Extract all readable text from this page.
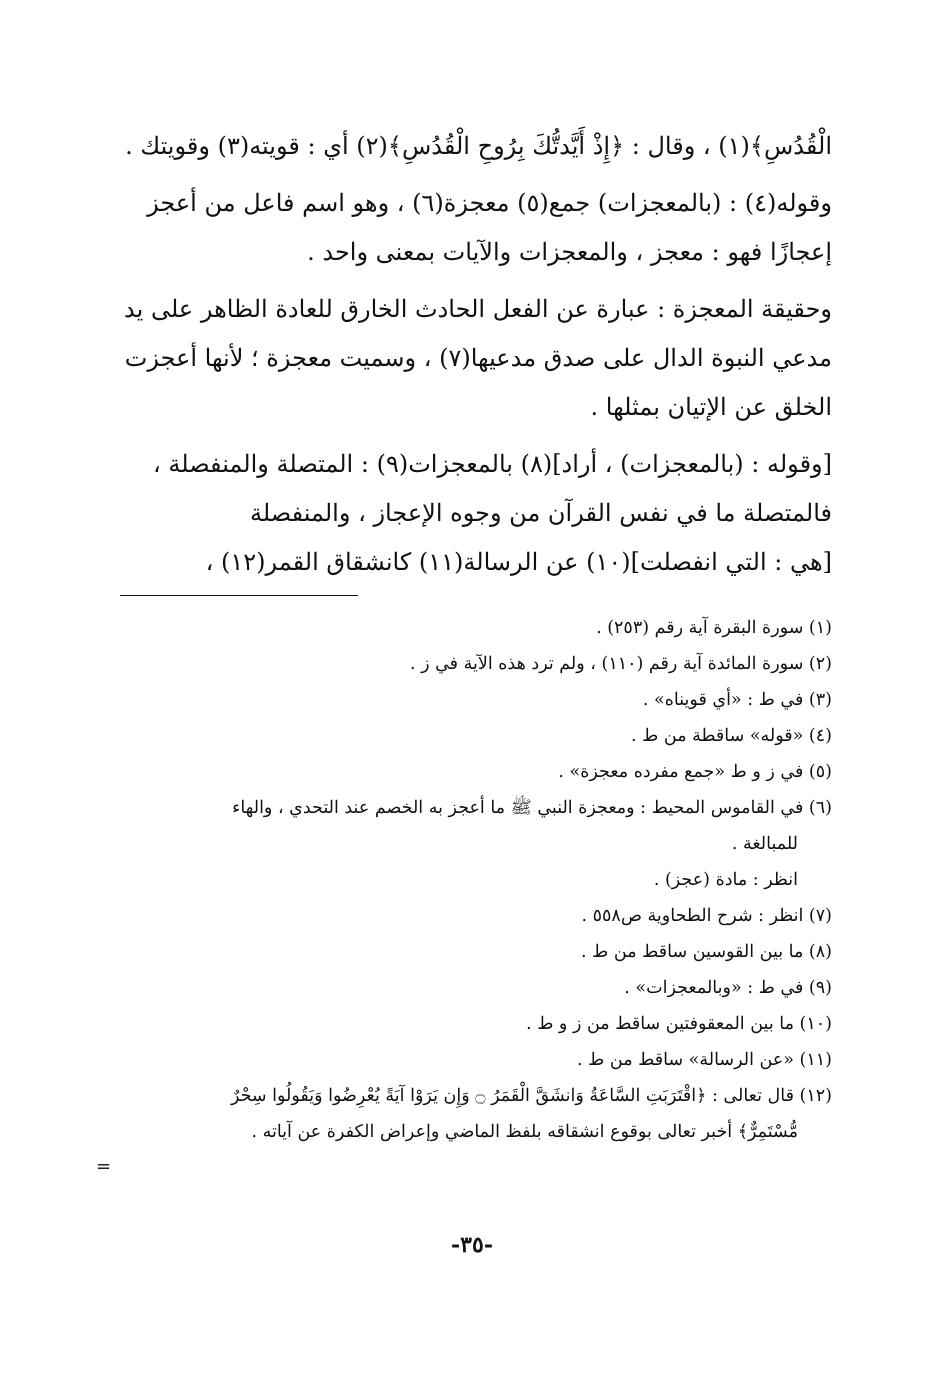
الْقُدُسِ﴾(١) ، وقال : ﴿إِذْ أَيَّدتُّكَ بِرُوحِ الْقُدُسِ﴾(٢) أي : قويته(٣) وقويتك .

وقوله(٤) : (بالمعجزات) جمع(٥) معجزة(٦) ، وهو اسم فاعل من أعجز
إعجازًا فهو : معجز ، والمعجزات والآيات بمعنى واحد .

وحقيقة المعجزة : عبارة عن الفعل الحادث الخارق للعادة الظاهر على يد
مدعي النبوة الدال على صدق مدعيها(٧) ، وسميت معجزة ؛ لأنها أعجزت
الخلق عن الإتيان بمثلها .

[وقوله : (بالمعجزات) ، أراد](٨) بالمعجزات(٩) : المتصلة والمنفصلة ،
فالمتصلة ما في نفس القرآن من وجوه الإعجاز ، والمنفصلة
[هي : التي انفصلت](١٠) عن الرسالة(١١) كانشقاق القمر(١٢) ،

(١) سورة البقرة آية رقم (٢٥٣) .
(٢) سورة المائدة آية رقم (١١٠) ، ولم ترد هذه الآية في ز .
(٣) في ط : «أي قويناه» .
(٤) «قوله» ساقطة من ط .
(٥) في ز و ط «جمع مفرده معجزة» .
(٦) في القاموس المحيط : ومعجزة النبي ﷺ ما أعجز به الخصم عند التحدي ، والهاء
للمبالغة .
انظر : مادة (عجز) .
(٧) انظر : شرح الطحاوية ص٥٥٨ .
(٨) ما بين القوسين ساقط من ط .
(٩) في ط : «وبالمعجزات» .
(١٠) ما بين المعقوفتين ساقط من ز و ط .
(١١) «عن الرسالة» ساقط من ط .
(١٢) قال تعالى : ﴿اقْتَرَبَتِ السَّاعَةُ وَانشَقَّ الْقَمَرُ ۝ وَإِن يَرَوْا آيَةً يُعْرِضُوا وَيَقُولُوا سِحْرٌ
مُّسْتَمِرٌّ﴾ أخبر تعالى بوقوع انشقاقه بلفظ الماضي وإعراض الكفرة عن آياته .
=
-٣٥-
